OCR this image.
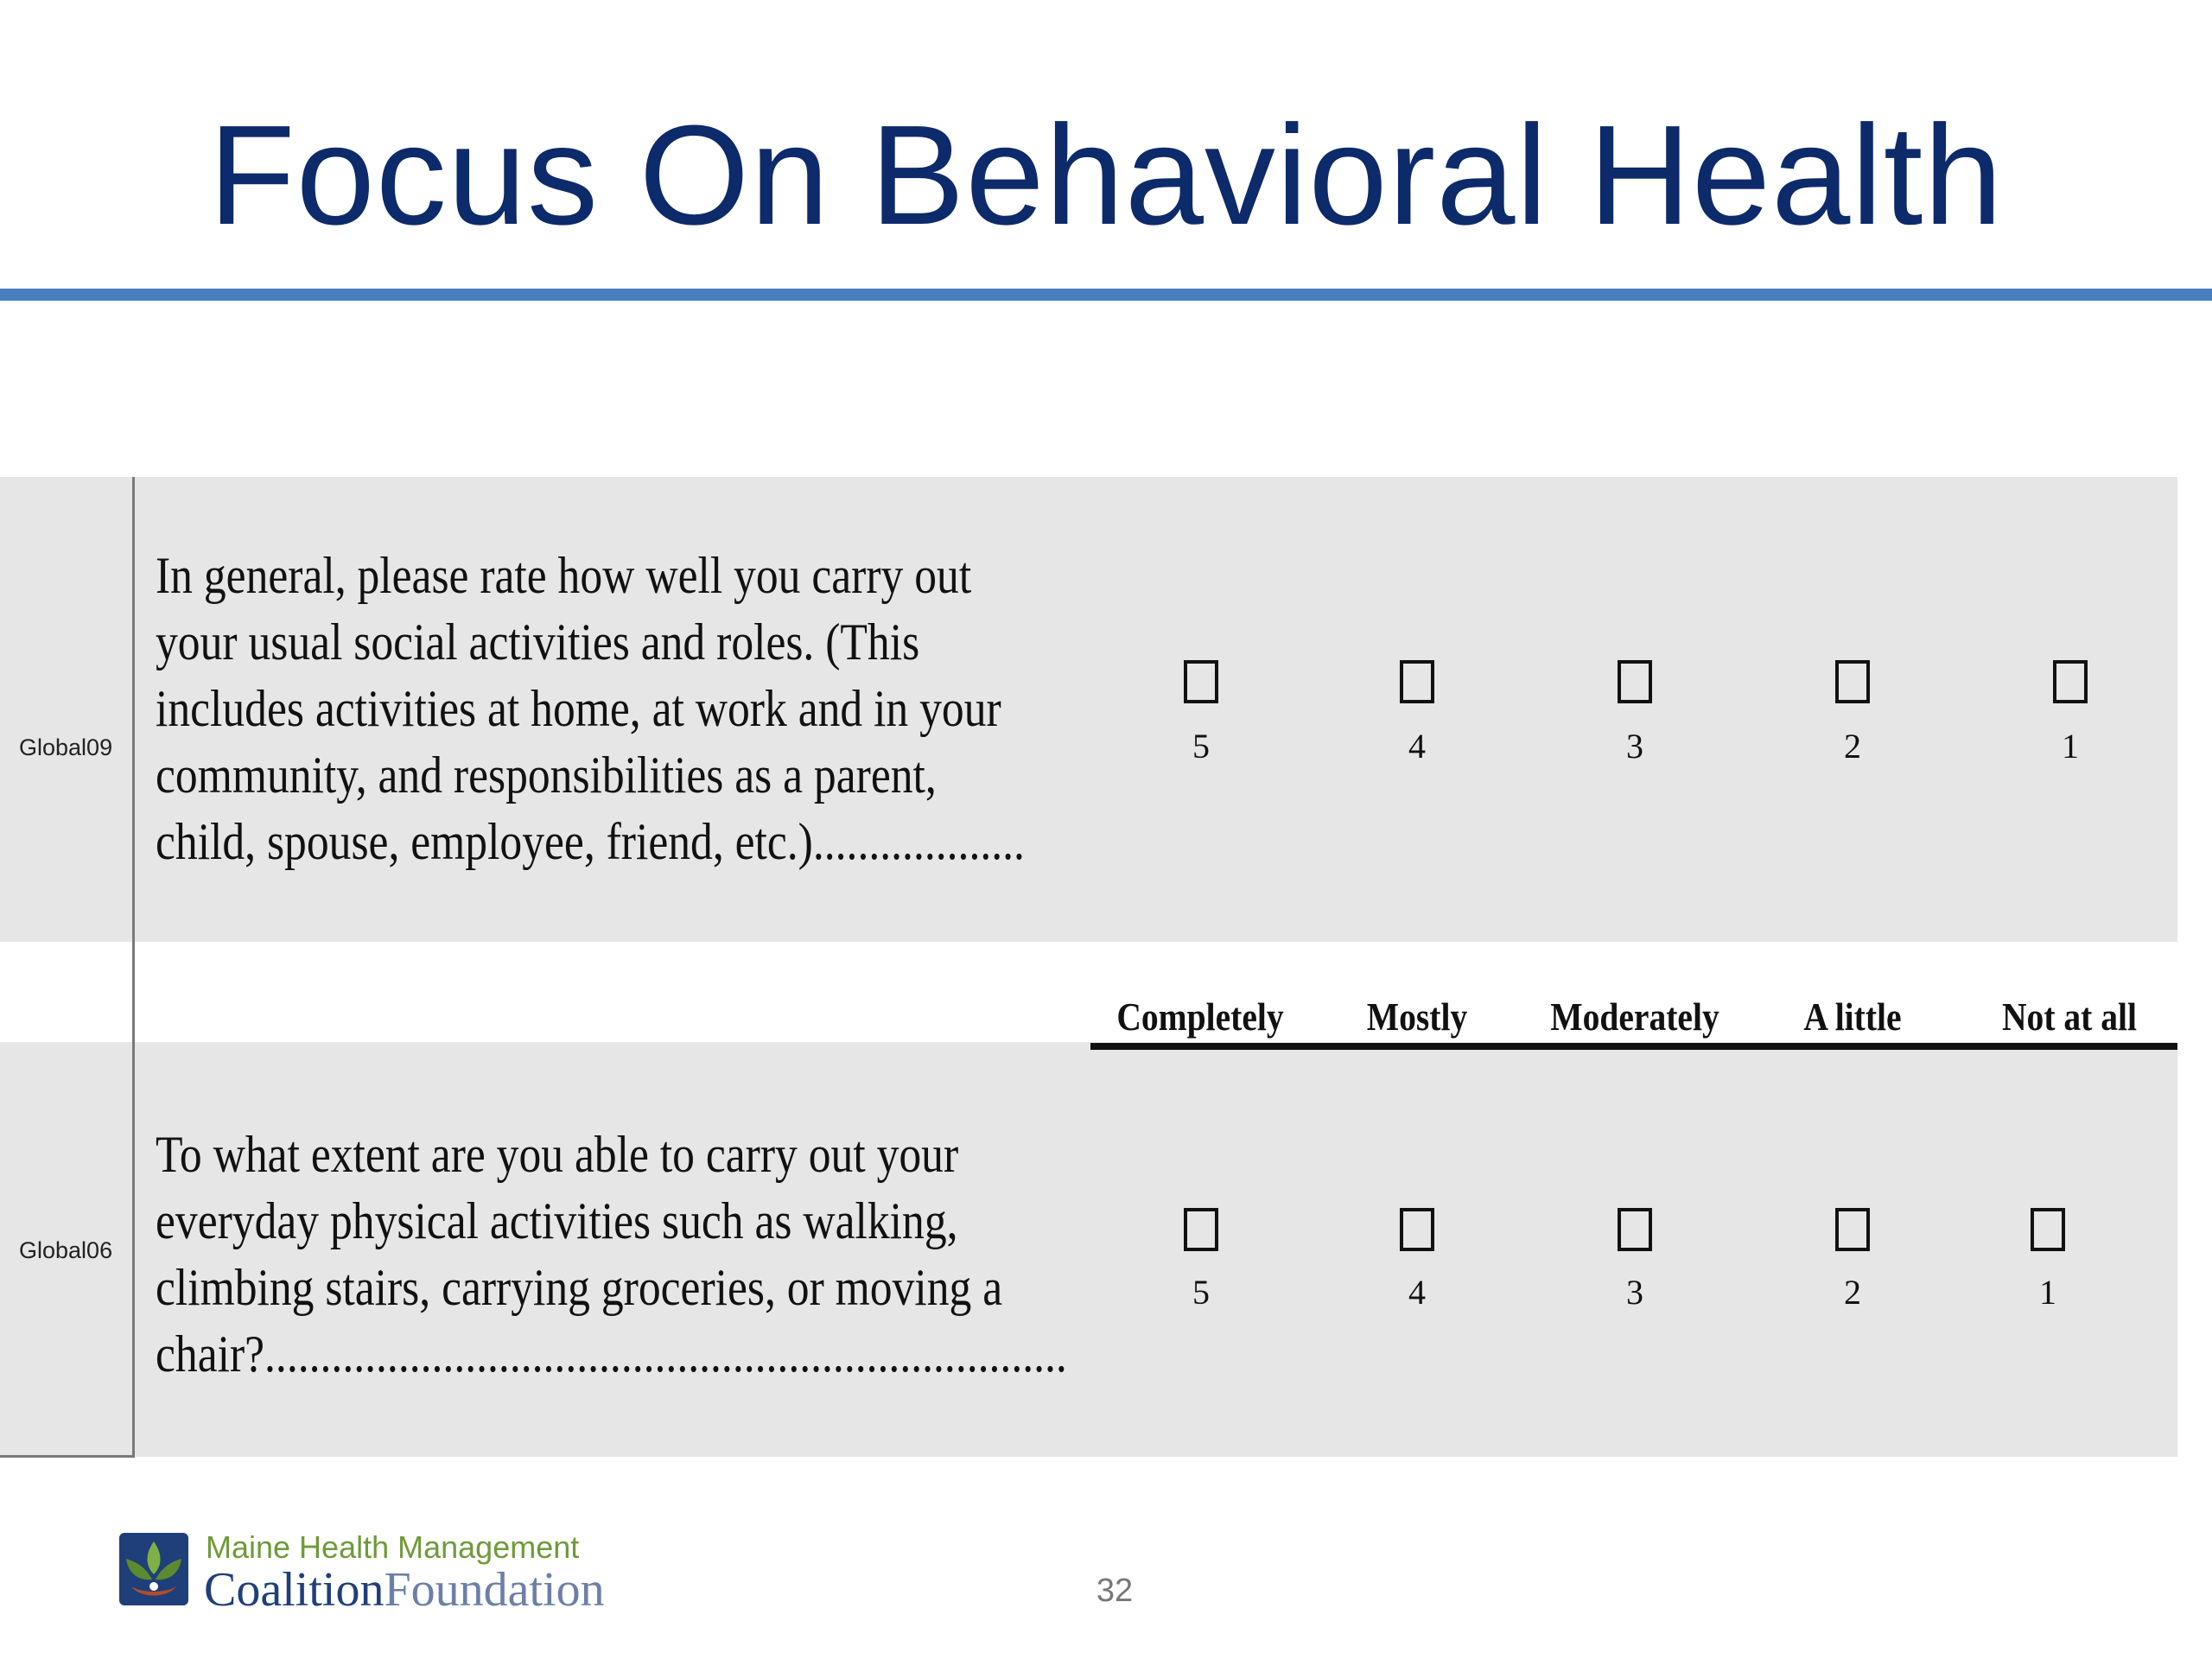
Focus On Behavioral Health
Global09
In general, please rate how well you carry out
your usual social activities and roles. (This
includes activities at home, at work and in your
community, and responsibilities as a parent,
child, spouse, employee, friend, etc.)...................
5	4	3	2	1
Completely	Mostly	Moderately	A little	Not at all
Global06
To what extent are you able to carry out your
everyday physical activities such as walking,
climbing stairs, carrying groceries, or moving a
chair?........................................................................
5	4	3	2	1
Maine Health Management
CoalitionFoundation	32
